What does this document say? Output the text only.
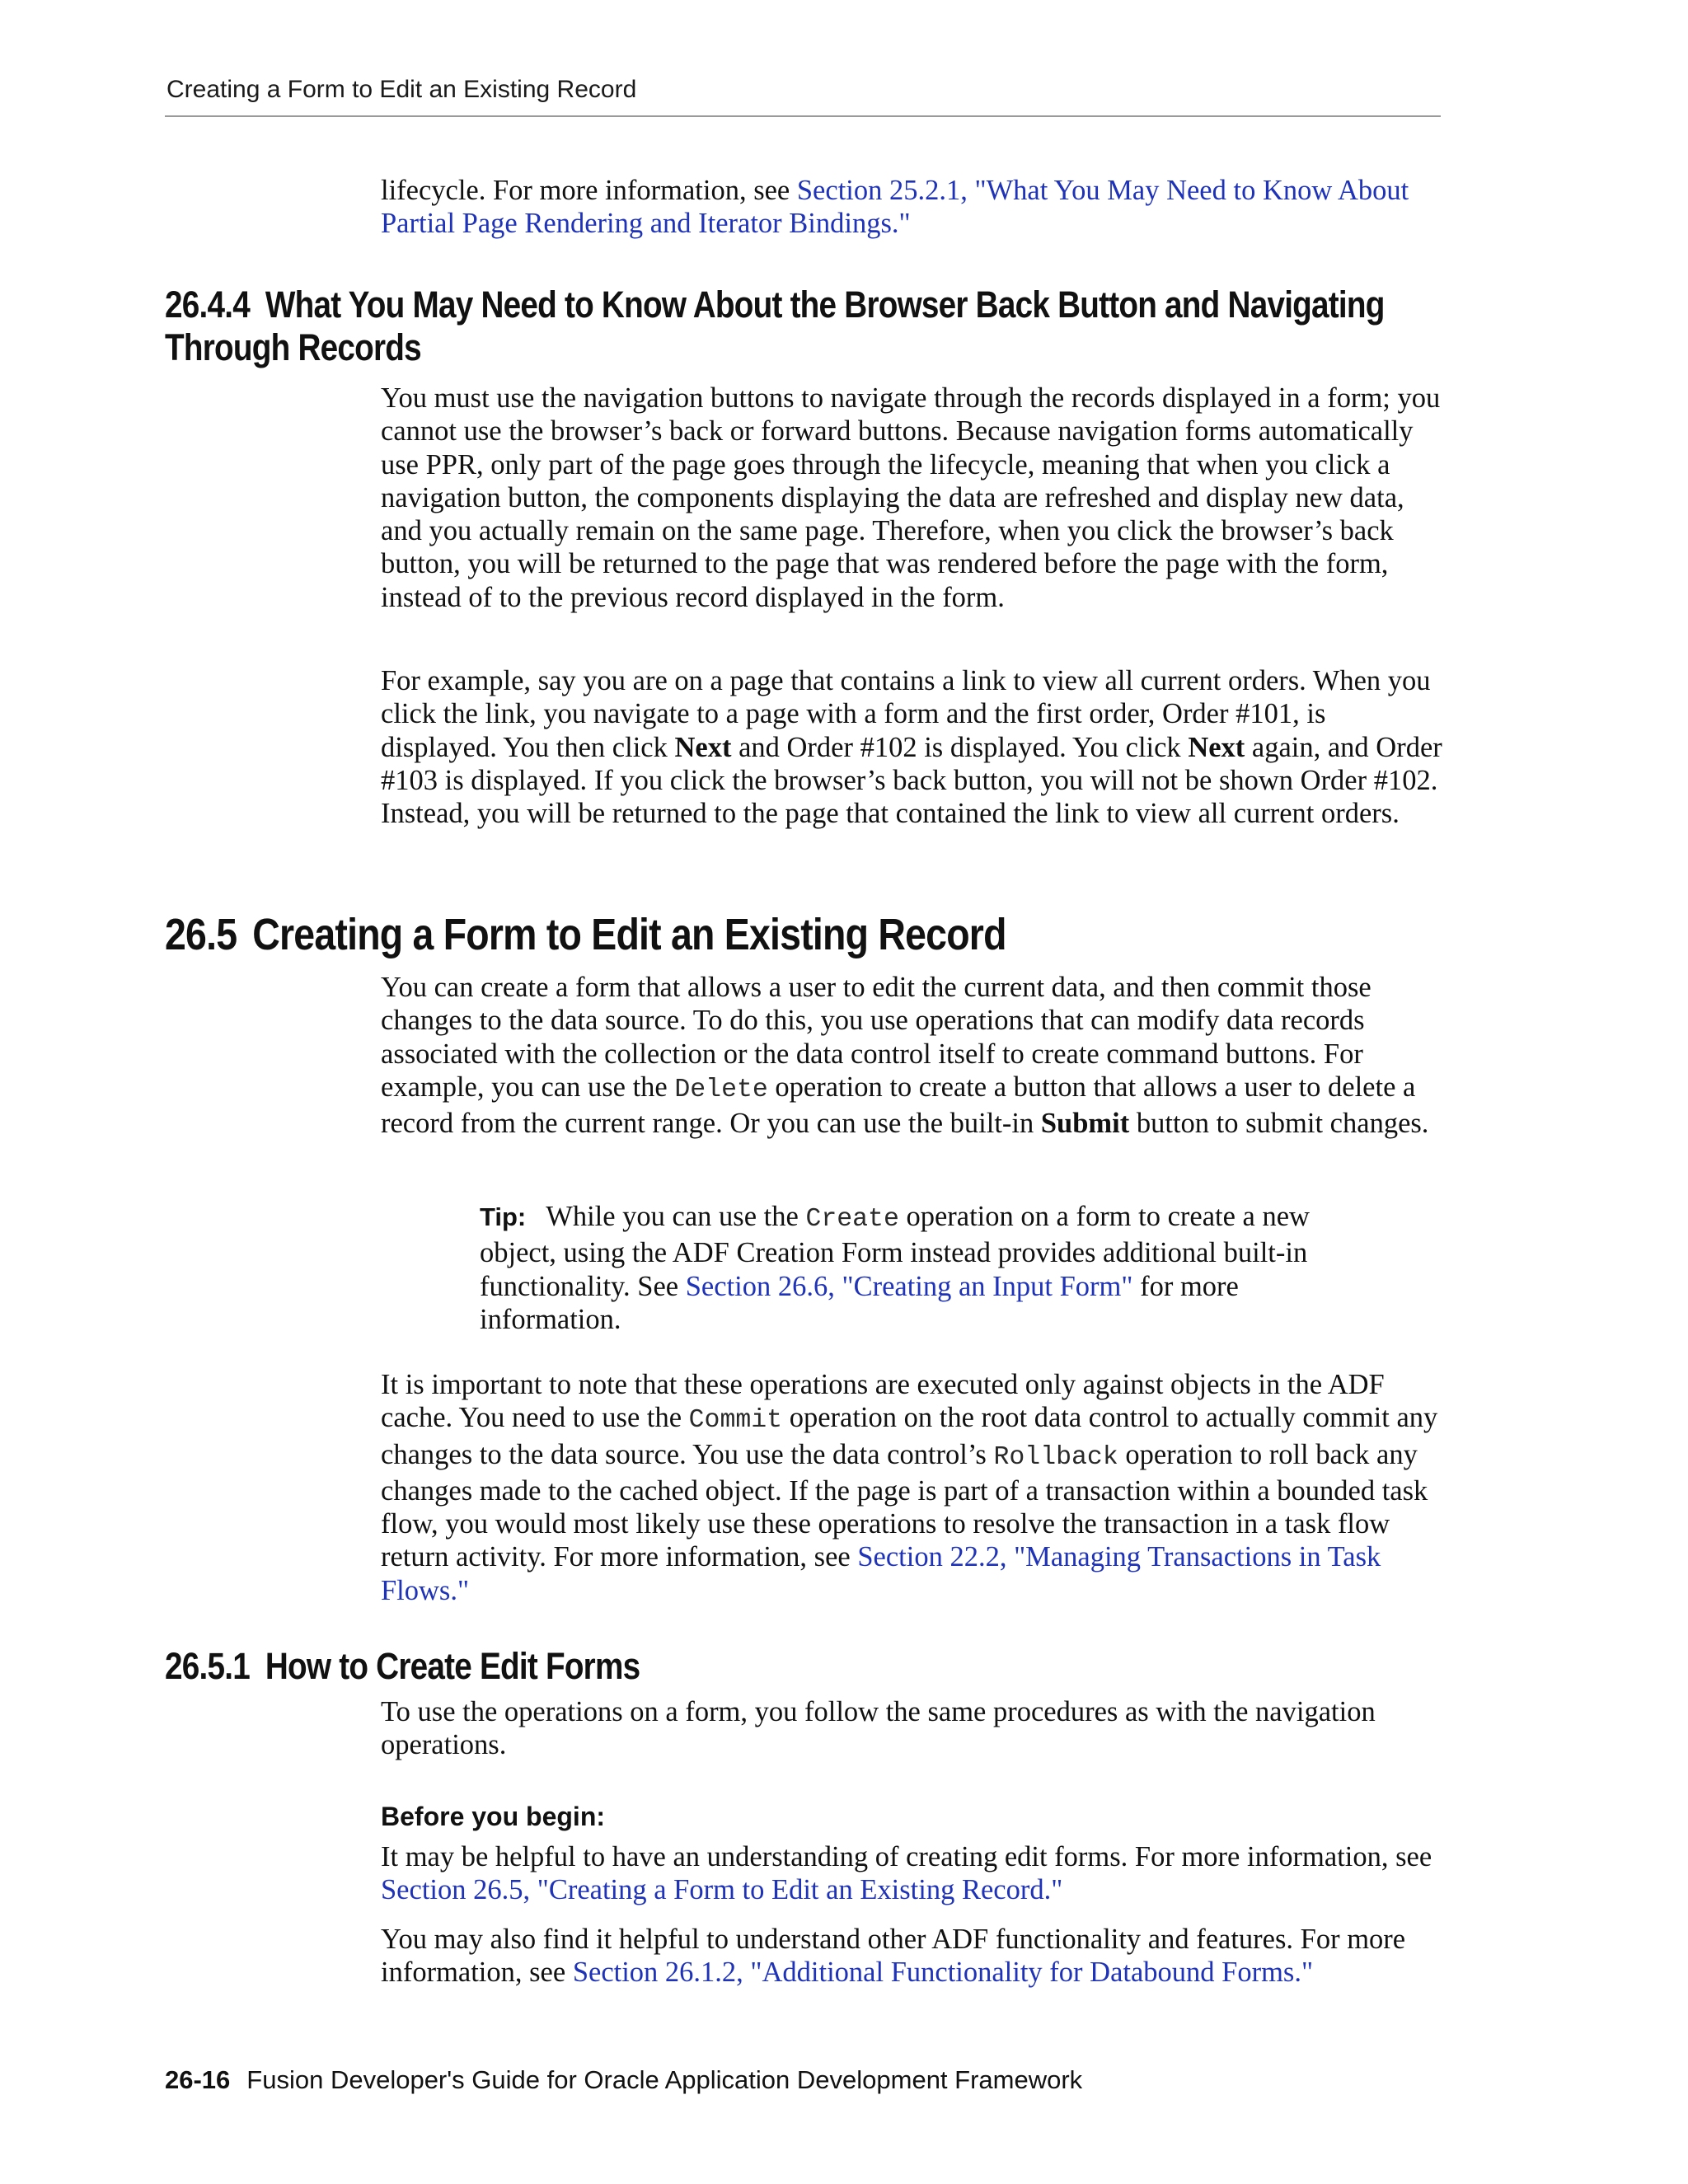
Creating a Form to Edit an Existing Record

lifecycle. For more information, see Section 25.2.1, "What You May Need to Know About Partial Page Rendering and Iterator Bindings."

26.4.4 What You May Need to Know About the Browser Back Button and Navigating Through Records

You must use the navigation buttons to navigate through the records displayed in a form; you cannot use the browser’s back or forward buttons. Because navigation forms automatically use PPR, only part of the page goes through the lifecycle, meaning that when you click a navigation button, the components displaying the data are refreshed and display new data, and you actually remain on the same page. Therefore, when you click the browser’s back button, you will be returned to the page that was rendered before the page with the form, instead of to the previous record displayed in the form.

For example, say you are on a page that contains a link to view all current orders. When you click the link, you navigate to a page with a form and the first order, Order #101, is displayed. You then click Next and Order #102 is displayed. You click Next again, and Order #103 is displayed. If you click the browser’s back button, you will not be shown Order #102. Instead, you will be returned to the page that contained the link to view all current orders.

26.5 Creating a Form to Edit an Existing Record

You can create a form that allows a user to edit the current data, and then commit those changes to the data source. To do this, you use operations that can modify data records associated with the collection or the data control itself to create command buttons. For example, you can use the Delete operation to create a button that allows a user to delete a record from the current range. Or you can use the built-in Submit button to submit changes.

Tip: While you can use the Create operation on a form to create a new object, using the ADF Creation Form instead provides additional built-in functionality. See Section 26.6, "Creating an Input Form" for more information.

It is important to note that these operations are executed only against objects in the ADF cache. You need to use the Commit operation on the root data control to actually commit any changes to the data source. You use the data control’s Rollback operation to roll back any changes made to the cached object. If the page is part of a transaction within a bounded task flow, you would most likely use these operations to resolve the transaction in a task flow return activity. For more information, see Section 22.2, "Managing Transactions in Task Flows."

26.5.1 How to Create Edit Forms

To use the operations on a form, you follow the same procedures as with the navigation operations.

Before you begin:

It may be helpful to have an understanding of creating edit forms. For more information, see Section 26.5, "Creating a Form to Edit an Existing Record."

You may also find it helpful to understand other ADF functionality and features. For more information, see Section 26.1.2, "Additional Functionality for Databound Forms."

26-16 Fusion Developer's Guide for Oracle Application Development Framework
